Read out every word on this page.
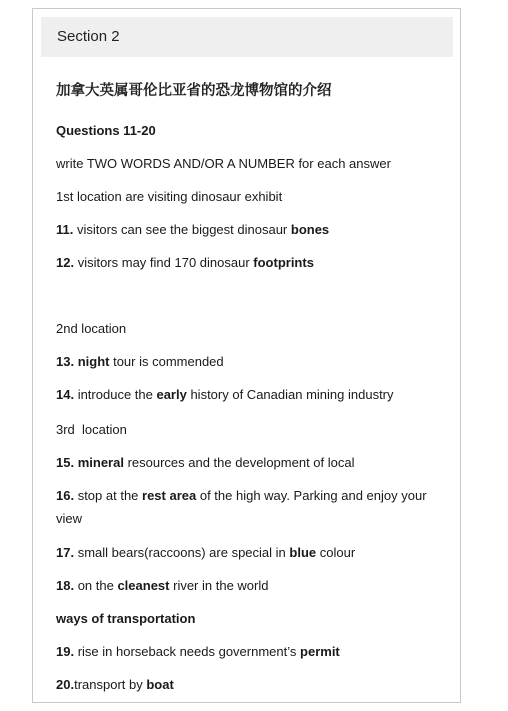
Section 2
加拿大英属哥伦比亚省的恐龙博物馆的介绍
Questions 11-20
write TWO WORDS AND/OR A NUMBER for each answer
1st location are visiting dinosaur exhibit
11. visitors can see the biggest dinosaur bones
12. visitors may find 170 dinosaur footprints
2nd location
13. night tour is commended
14. introduce the early history of Canadian mining industry
3rd  location
15. mineral resources and the development of local
16. stop at the rest area of the high way. Parking and enjoy your view
17. small bears(raccoons) are special in blue colour
18. on the cleanest river in the world
ways of transportation
19. rise in horseback needs government’s permit
20.transport by boat
